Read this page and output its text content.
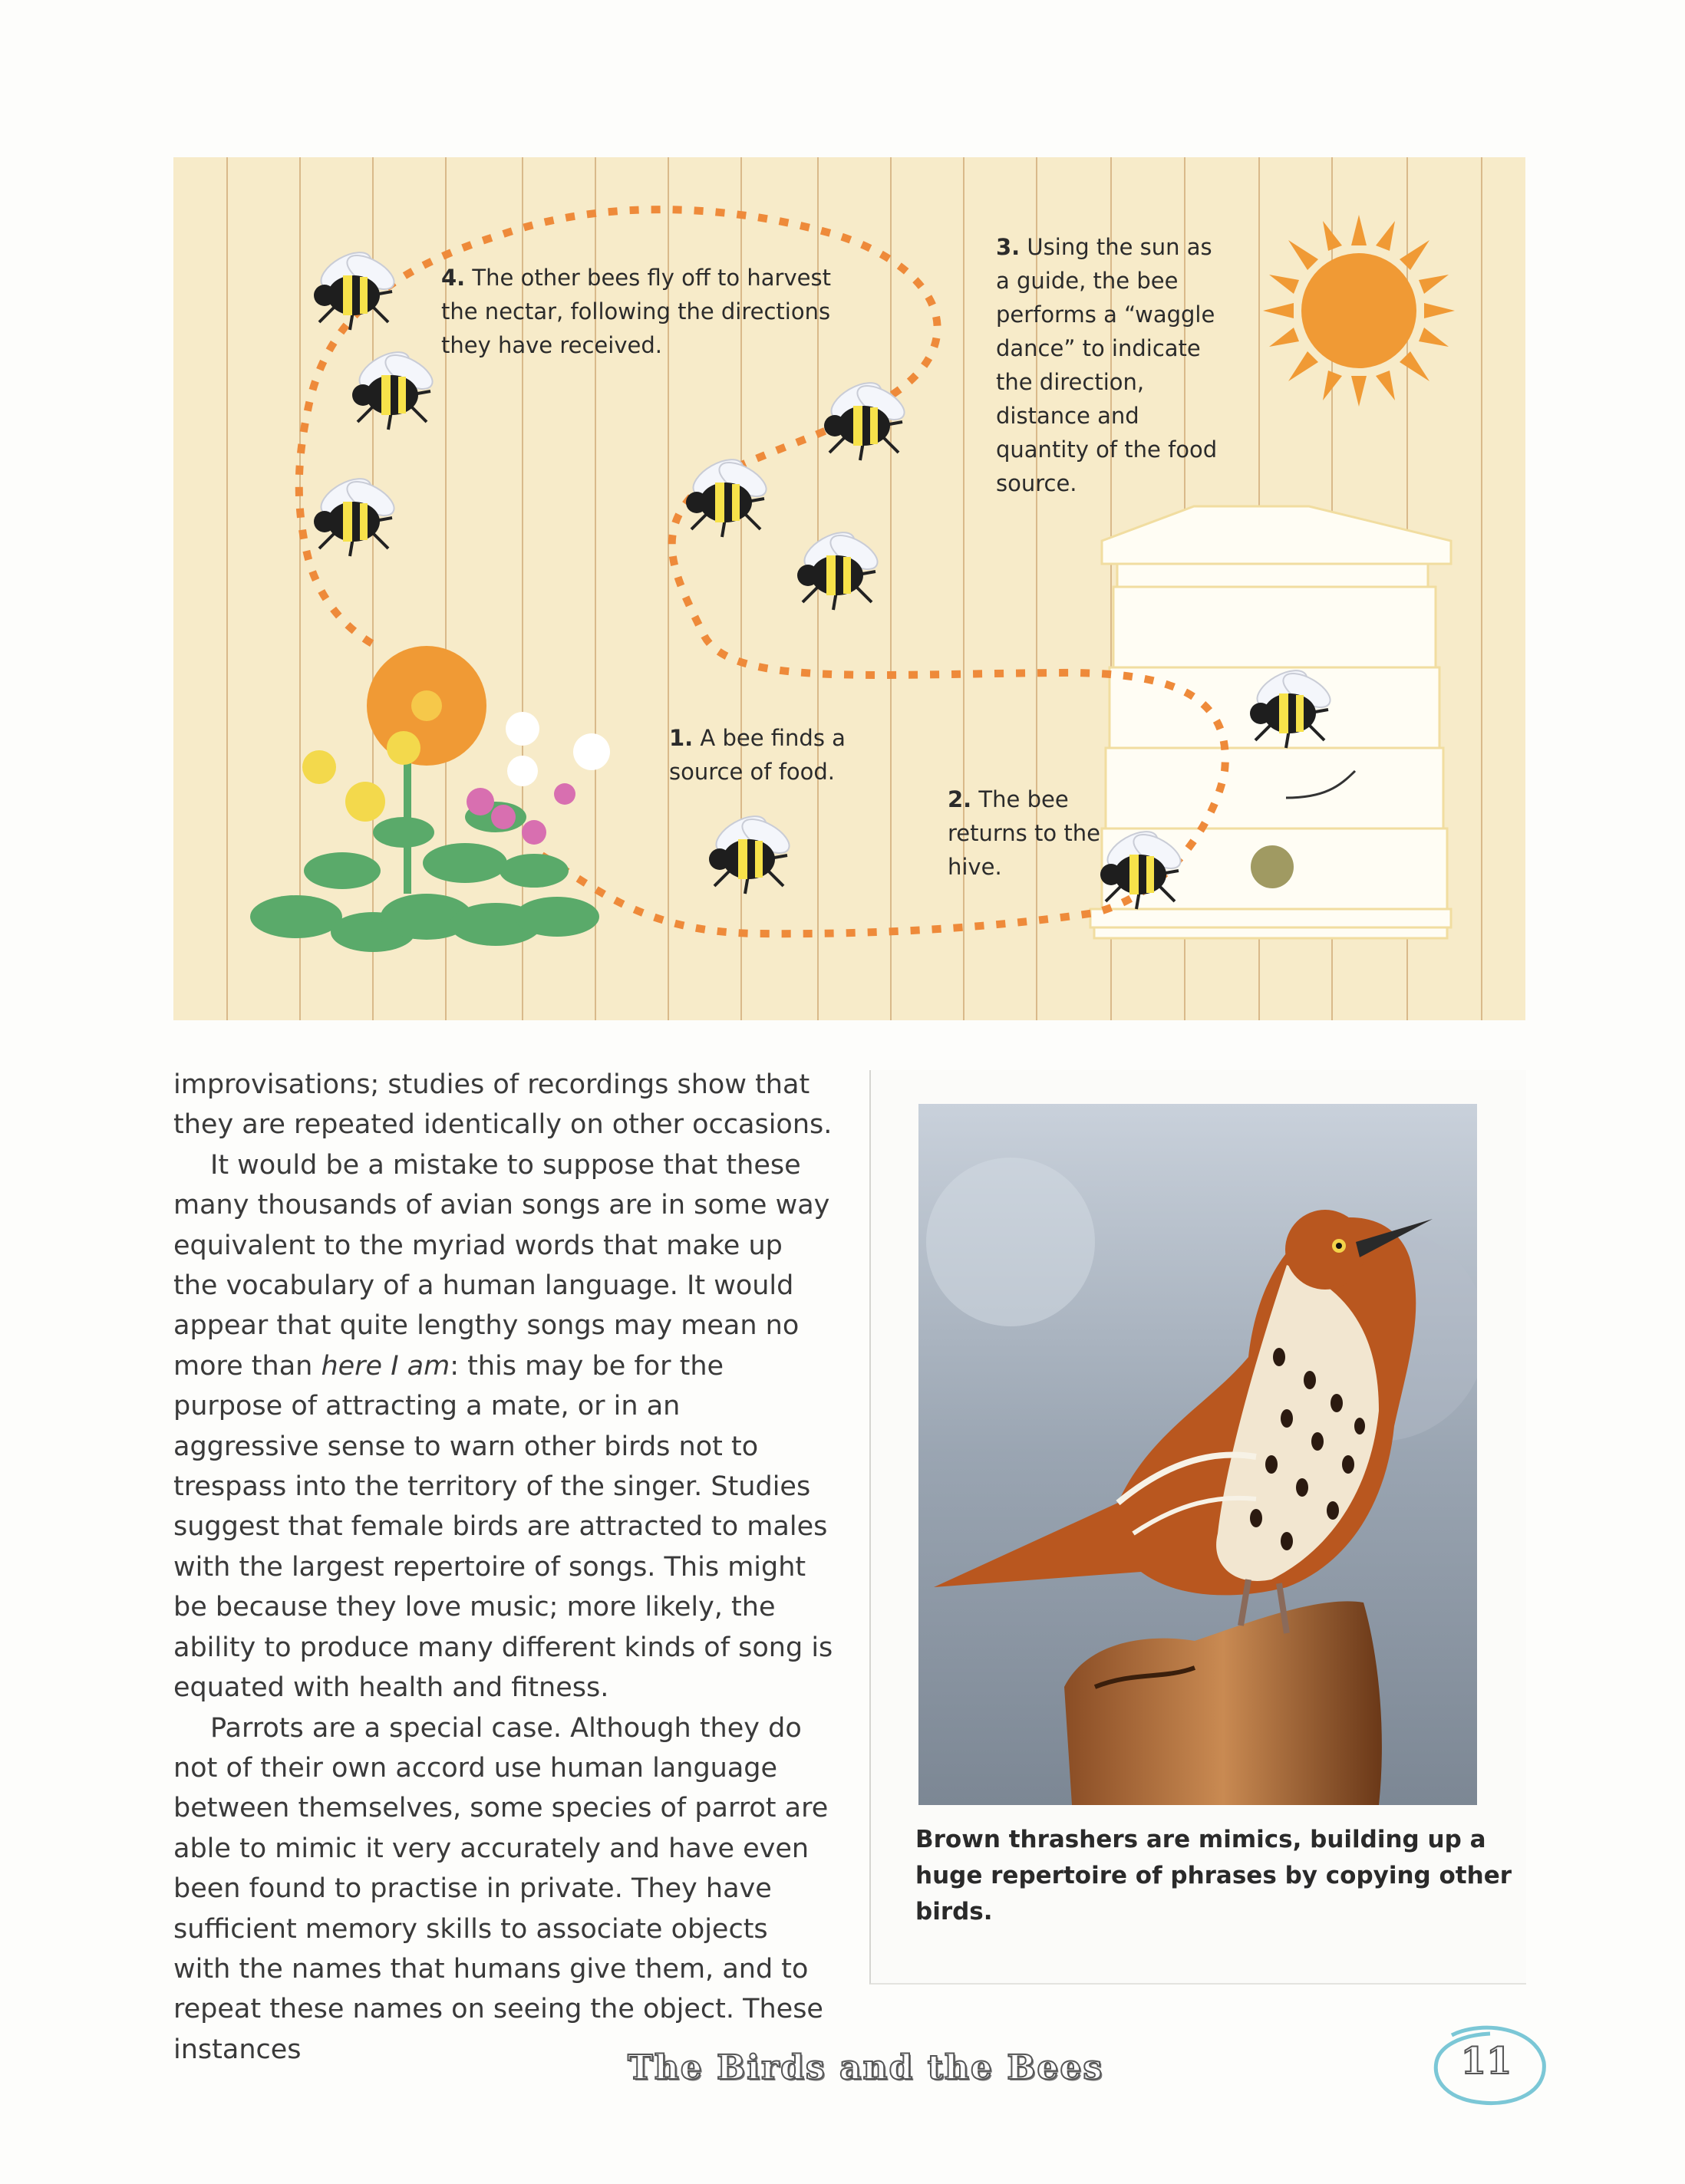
1. A bee finds a source of food.
2. The bee returns to the hive.
3. Using the sun as a guide, the bee performs a “waggle dance” to indicate the direction, distance and quantity of the food source.
4. The other bees fly off to harvest the nectar, following the directions they have received.

improvisations; studies of recordings show that they are repeated identically on other occasions.

It would be a mistake to suppose that these many thousands of avian songs are in some way equivalent to the myriad words that make up the vocabulary of a human language. It would appear that quite lengthy songs may mean no more than here I am: this may be for the purpose of attracting a mate, or in an aggressive sense to warn other birds not to trespass into the territory of the singer. Studies suggest that female birds are attracted to males with the largest repertoire of songs. This might be because they love music; more likely, the ability to produce many different kinds of song is equated with health and fitness.

Parrots are a special case. Although they do not of their own accord use human language between themselves, some species of parrot are able to mimic it very accurately and have even been found to practise in private. They have sufficient memory skills to associate objects with the names that humans give them, and to repeat these names on seeing the object. These instances

Brown thrashers are mimics, building up a huge repertoire of phrases by copying other birds.
The Birds and the Bees	11
